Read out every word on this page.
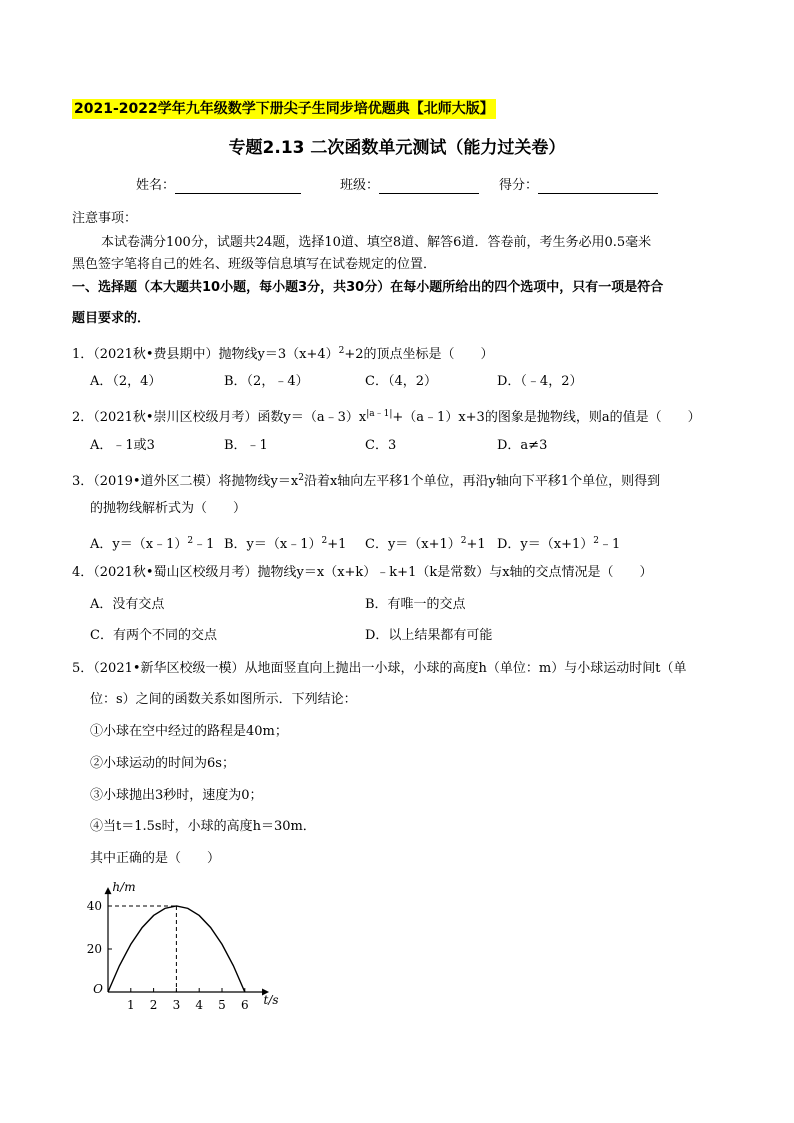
2021-2022学年九年级数学下册尖子生同步培优题典【北师大版】
专题2.13 二次函数单元测试（能力过关卷）
姓名：	班级：	得分：
注意事项：
本试卷满分100分，试题共24题，选择10道、填空8道、解答6道．答卷前，考生务必用0.5毫米
黑色签字笔将自己的姓名、班级等信息填写在试卷规定的位置．
一、选择题（本大题共10小题，每小题3分，共30分）在每小题所给出的四个选项中，只有一项是符合
题目要求的．
1．（2021秋•费县期中）抛物线$y=3(x+4)^2+2$的顶点坐标是（　　）
A．（2，4）	B．（2，﹣4）	C．（4，2）	D．（﹣4，2）
2．（2021秋•崇川区校级月考）函数$y=(a﹣3)x^{|a﹣1|}+(a﹣1)x+3$的图象是抛物线，则a的值是（　　）
A．﹣1或3	B．﹣1	C．3	D．a≠3
3．（2019•道外区二模）将抛物线$y=x^2$沿着x轴向左平移1个单位，再沿y轴向下平移1个单位，则得到
的抛物线解析式为（　　）
A．y＝（x﹣1）$^2$﹣1 B．y＝（x﹣1）$^2$+1 C．$y=(x+1)^2+1$ D．$y=(x+1)^2﹣1$
4．（2021秋•蜀山区校级月考）抛物线y＝x（x+k）﹣k+1（k是常数）与x轴的交点情况是（　　）
A．没有交点	B．有唯一的交点
C．有两个不同的交点	D．以上结果都有可能
5．（2021•新华区校级一模）从地面竖直向上抛出一小球，小球的高度h（单位：m）与小球运动时间t（单
位：s）之间的函数关系如图所示．下列结论：
①小球在空中经过的路程是40m；
②小球运动的时间为6s；
③小球抛出3秒时，速度为0；
④当t＝1.5s时，小球的高度h＝30m．
其中正确的是（　　）
t/s
h/m
O
1 2 3 4 5 6
20
40
